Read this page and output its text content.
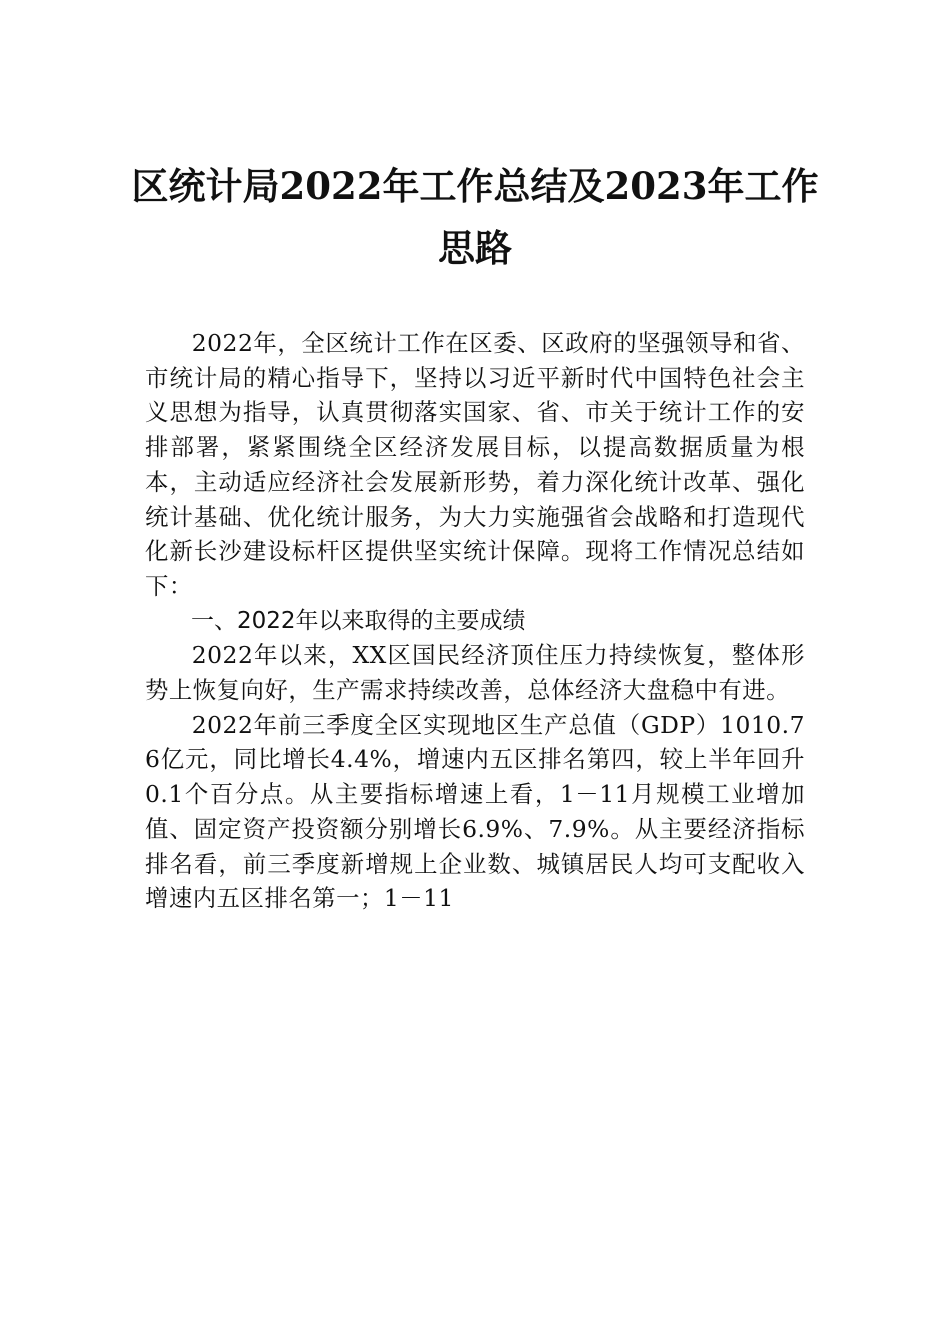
区统计局2022年工作总结及2023年工作思路

2022年，全区统计工作在区委、区政府的坚强领导和省、市统计局的精心指导下，坚持以习近平新时代中国特色社会主义思想为指导，认真贯彻落实国家、省、市关于统计工作的安排部署，紧紧围绕全区经济发展目标，以提高数据质量为根本，主动适应经济社会发展新形势，着力深化统计改革、强化统计基础、优化统计服务，为大力实施强省会战略和打造现代化新长沙建设标杆区提供坚实统计保障。现将工作情况总结如下：

一、2022年以来取得的主要成绩

2022年以来，XX区国民经济顶住压力持续恢复，整体形势上恢复向好，生产需求持续改善，总体经济大盘稳中有进。

2022年前三季度全区实现地区生产总值（GDP）1010.76亿元，同比增长4.4%，增速内五区排名第四，较上半年回升0.1个百分点。从主要指标增速上看，1－11月规模工业增加值、固定资产投资额分别增长6.9%、7.9%。从主要经济指标排名看，前三季度新增规上企业数、城镇居民人均可支配收入增速内五区排名第一；1－11
